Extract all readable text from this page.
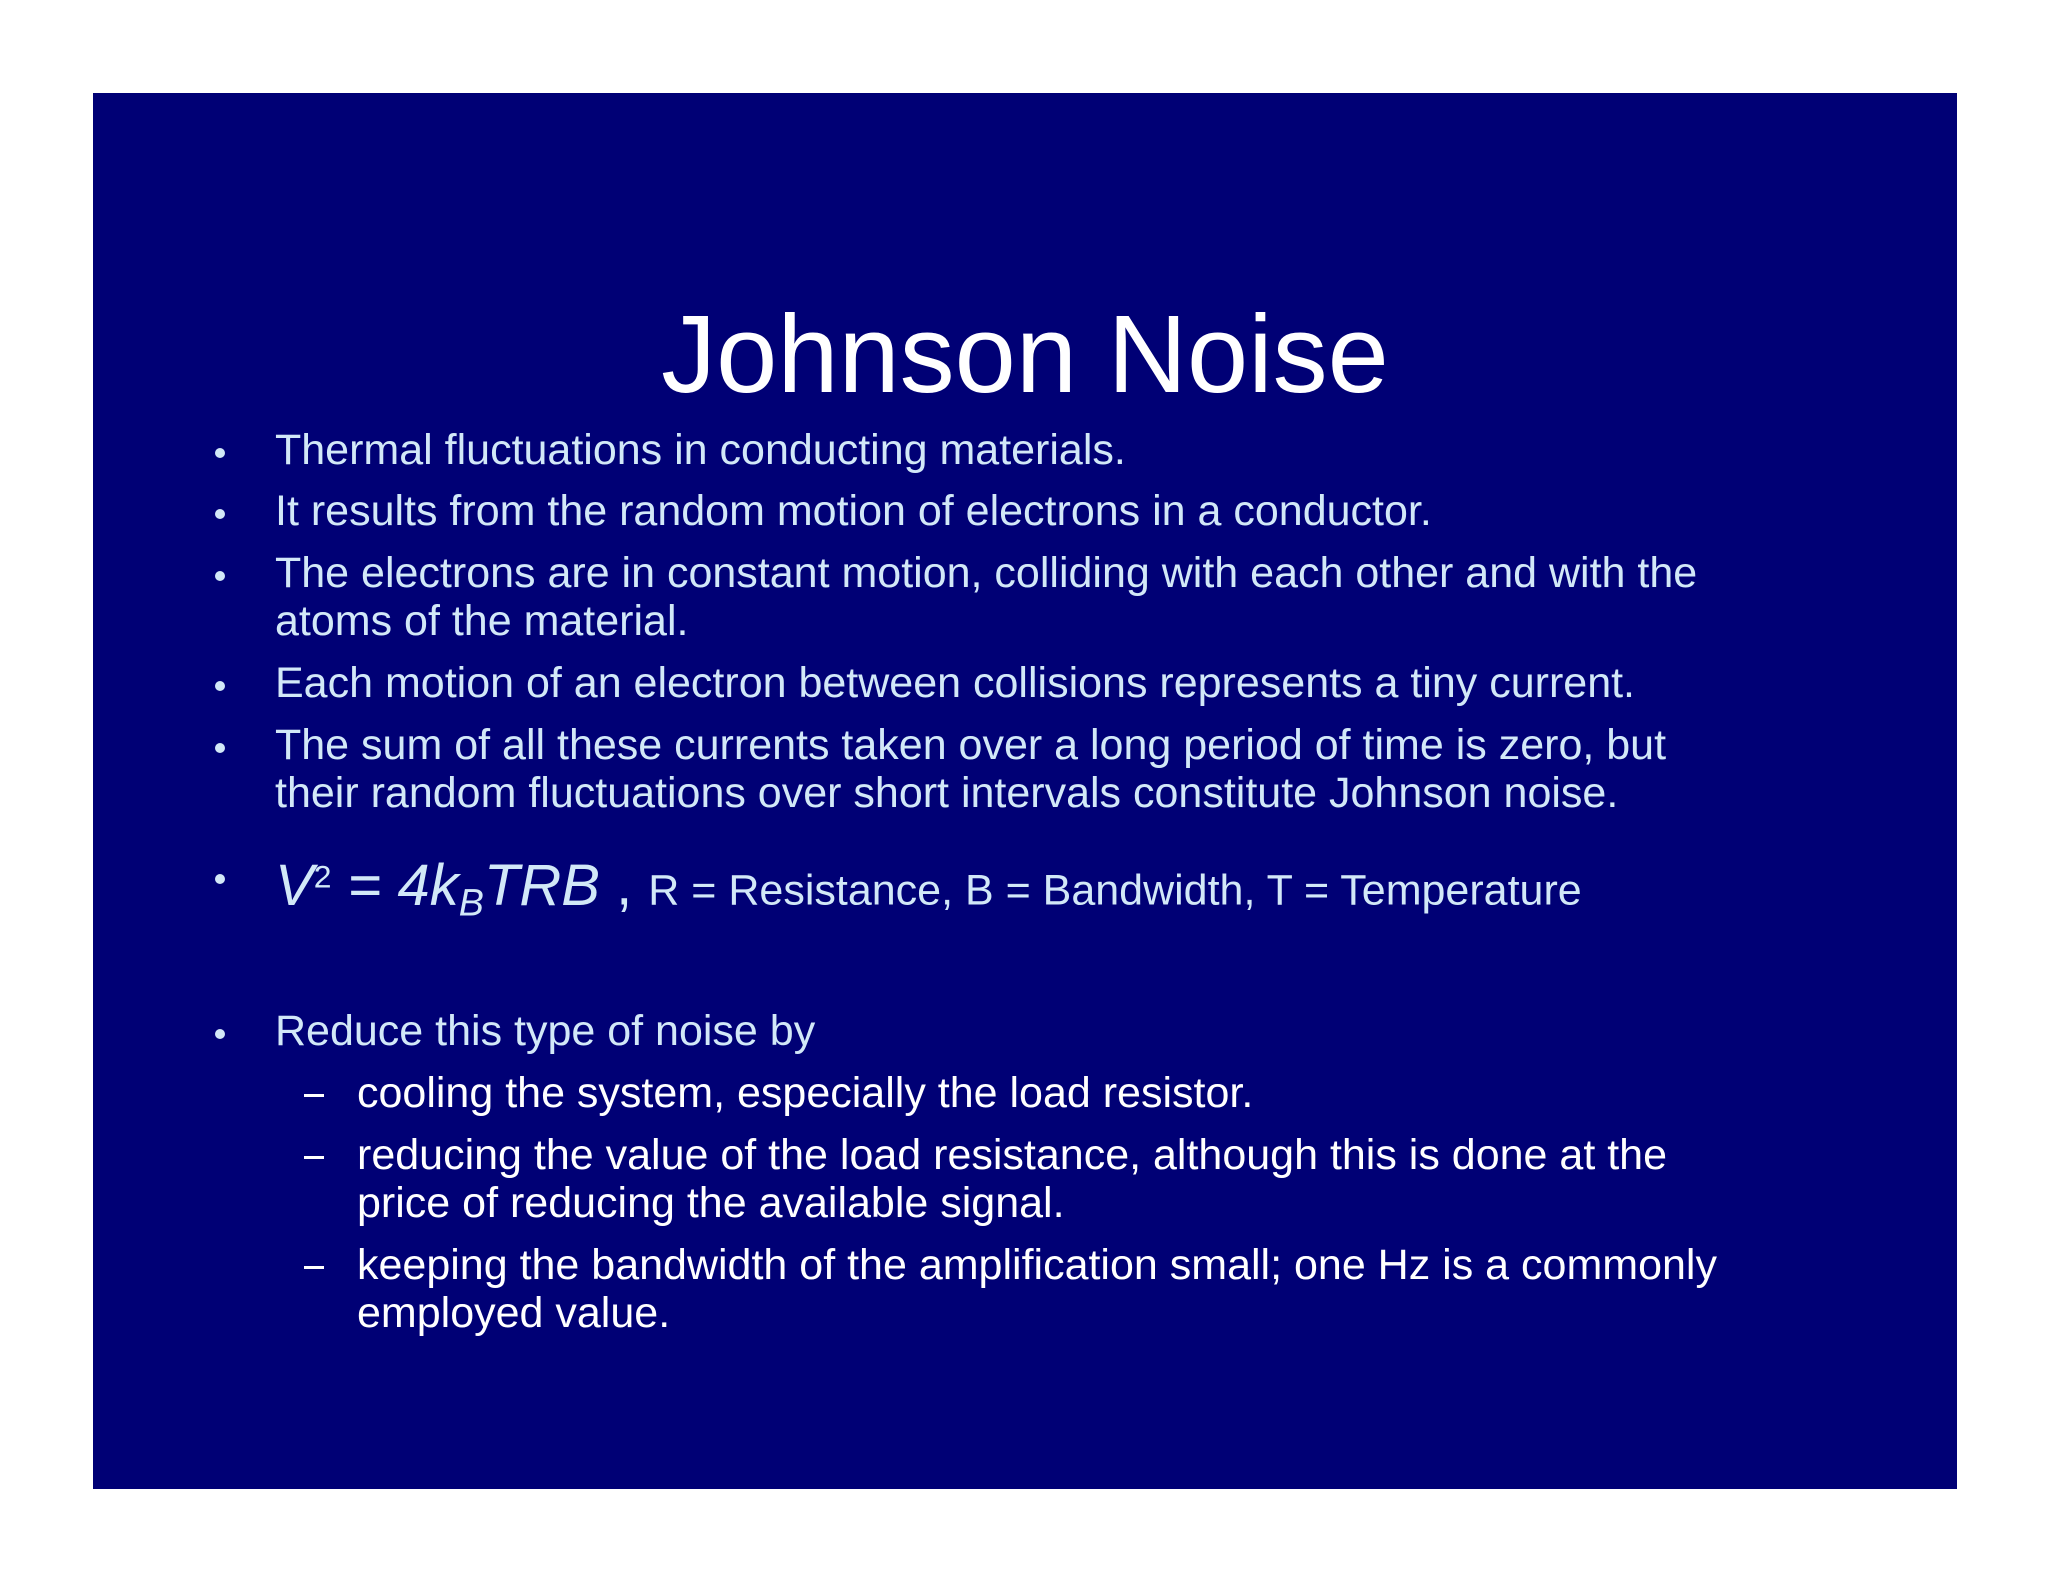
Johnson Noise
Thermal fluctuations in conducting materials.
It results from the random motion of electrons in a conductor.
The electrons are in constant motion, colliding with each other and with the
atoms of the material.
Each motion of an electron between collisions represents a tiny current.
The sum of all these currents taken over a long period of time is zero, but
their random fluctuations over short intervals constitute Johnson noise.
$V^2$ = 4kBTRB , R = Resistance, B = Bandwidth, T = Temperature
Reduce this type of noise by
cooling the system, especially the load resistor.
reducing the value of the load resistance, although this is done at the
price of reducing the available signal.
keeping the bandwidth of the amplification small; one Hz is a commonly
employed value.
